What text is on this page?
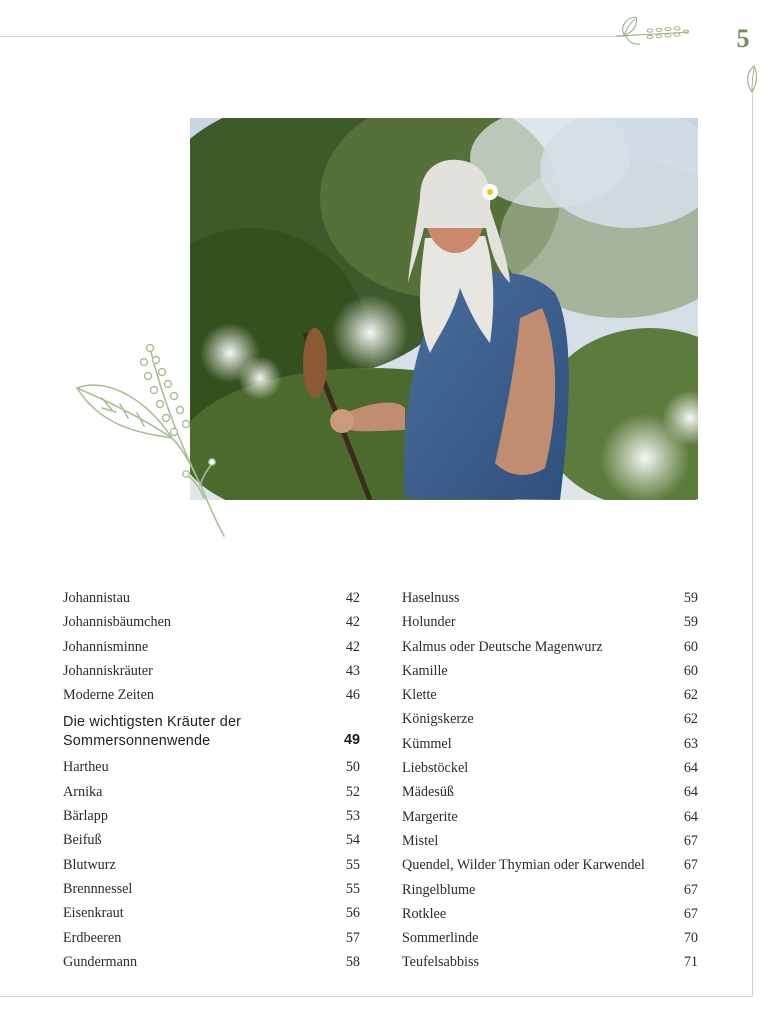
5
Johannistau	42
Johannisbäumchen	42
Johannisminne	42
Johanniskräuter	43
Moderne Zeiten	46
Die wichtigsten Kräuter der
Sommersonnenwende	49
Hartheu	50
Arnika	52
Bärlapp	53
Beifuß	54
Blutwurz	55
Brennnessel	55
Eisenkraut	56
Erdbeeren	57
Gundermann	58
Haselnuss	59
Holunder	59
Kalmus oder Deutsche Magenwurz	60
Kamille	60
Klette	62
Königskerze	62
Kümmel	63
Liebstöckel	64
Mädesüß	64
Margerite	64
Mistel	67
Quendel, Wilder Thymian oder Karwendel	67
Ringelblume	67
Rotklee	67
Sommerlinde	70
Teufelsabbiss	71
